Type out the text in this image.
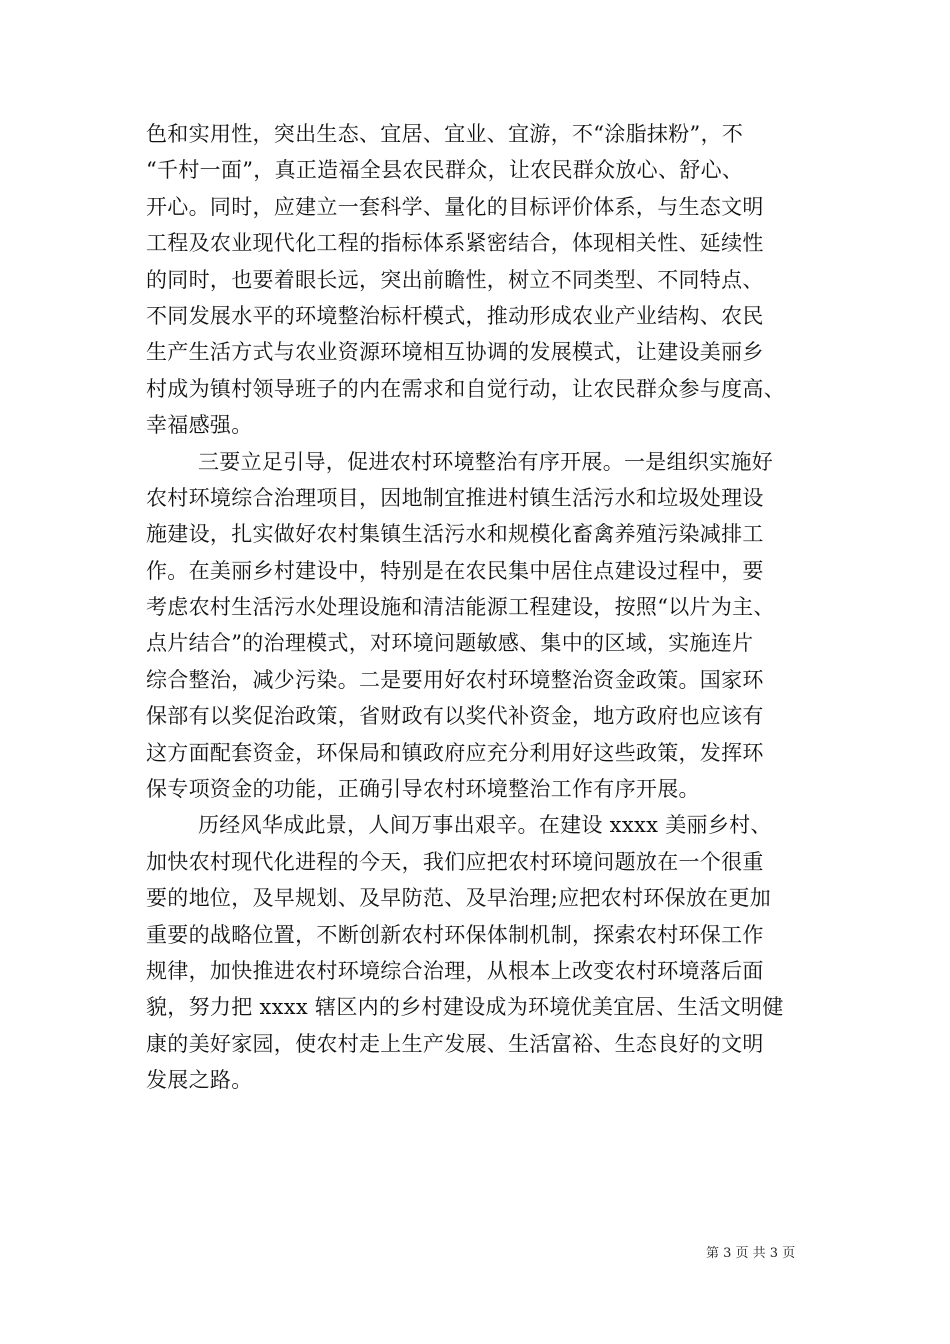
色和实用性，突出生态、宜居、宜业、宜游，不“涂脂抹粉”，不
“千村一面”，真正造福全县农民群众，让农民群众放心、舒心、
开心。同时，应建立一套科学、量化的目标评价体系，与生态文明
工程及农业现代化工程的指标体系紧密结合，体现相关性、延续性
的同时，也要着眼长远，突出前瞻性，树立不同类型、不同特点、
不同发展水平的环境整治标杆模式，推动形成农业产业结构、农民
生产生活方式与农业资源环境相互协调的发展模式，让建设美丽乡
村成为镇村领导班子的内在需求和自觉行动，让农民群众参与度高、
幸福感强。
三要立足引导，促进农村环境整治有序开展。一是组织实施好
农村环境综合治理项目，因地制宜推进村镇生活污水和垃圾处理设
施建设，扎实做好农村集镇生活污水和规模化畜禽养殖污染减排工
作。在美丽乡村建设中，特别是在农民集中居住点建设过程中，要
考虑农村生活污水处理设施和清洁能源工程建设，按照“以片为主、
点片结合”的治理模式，对环境问题敏感、集中的区域，实施连片
综合整治，减少污染。二是要用好农村环境整治资金政策。国家环
保部有以奖促治政策，省财政有以奖代补资金，地方政府也应该有
这方面配套资金，环保局和镇政府应充分利用好这些政策，发挥环
保专项资金的功能，正确引导农村环境整治工作有序开展。
历经风华成此景，人间万事出艰辛。在建设 xxxx 美丽乡村、
加快农村现代化进程的今天，我们应把农村环境问题放在一个很重
要的地位，及早规划、及早防范、及早治理;应把农村环保放在更加
重要的战略位置，不断创新农村环保体制机制，探索农村环保工作
规律，加快推进农村环境综合治理，从根本上改变农村环境落后面
貌，努力把 xxxx 辖区内的乡村建设成为环境优美宜居、生活文明健
康的美好家园，使农村走上生产发展、生活富裕、生态良好的文明
发展之路。
第 3 页 共 3 页
